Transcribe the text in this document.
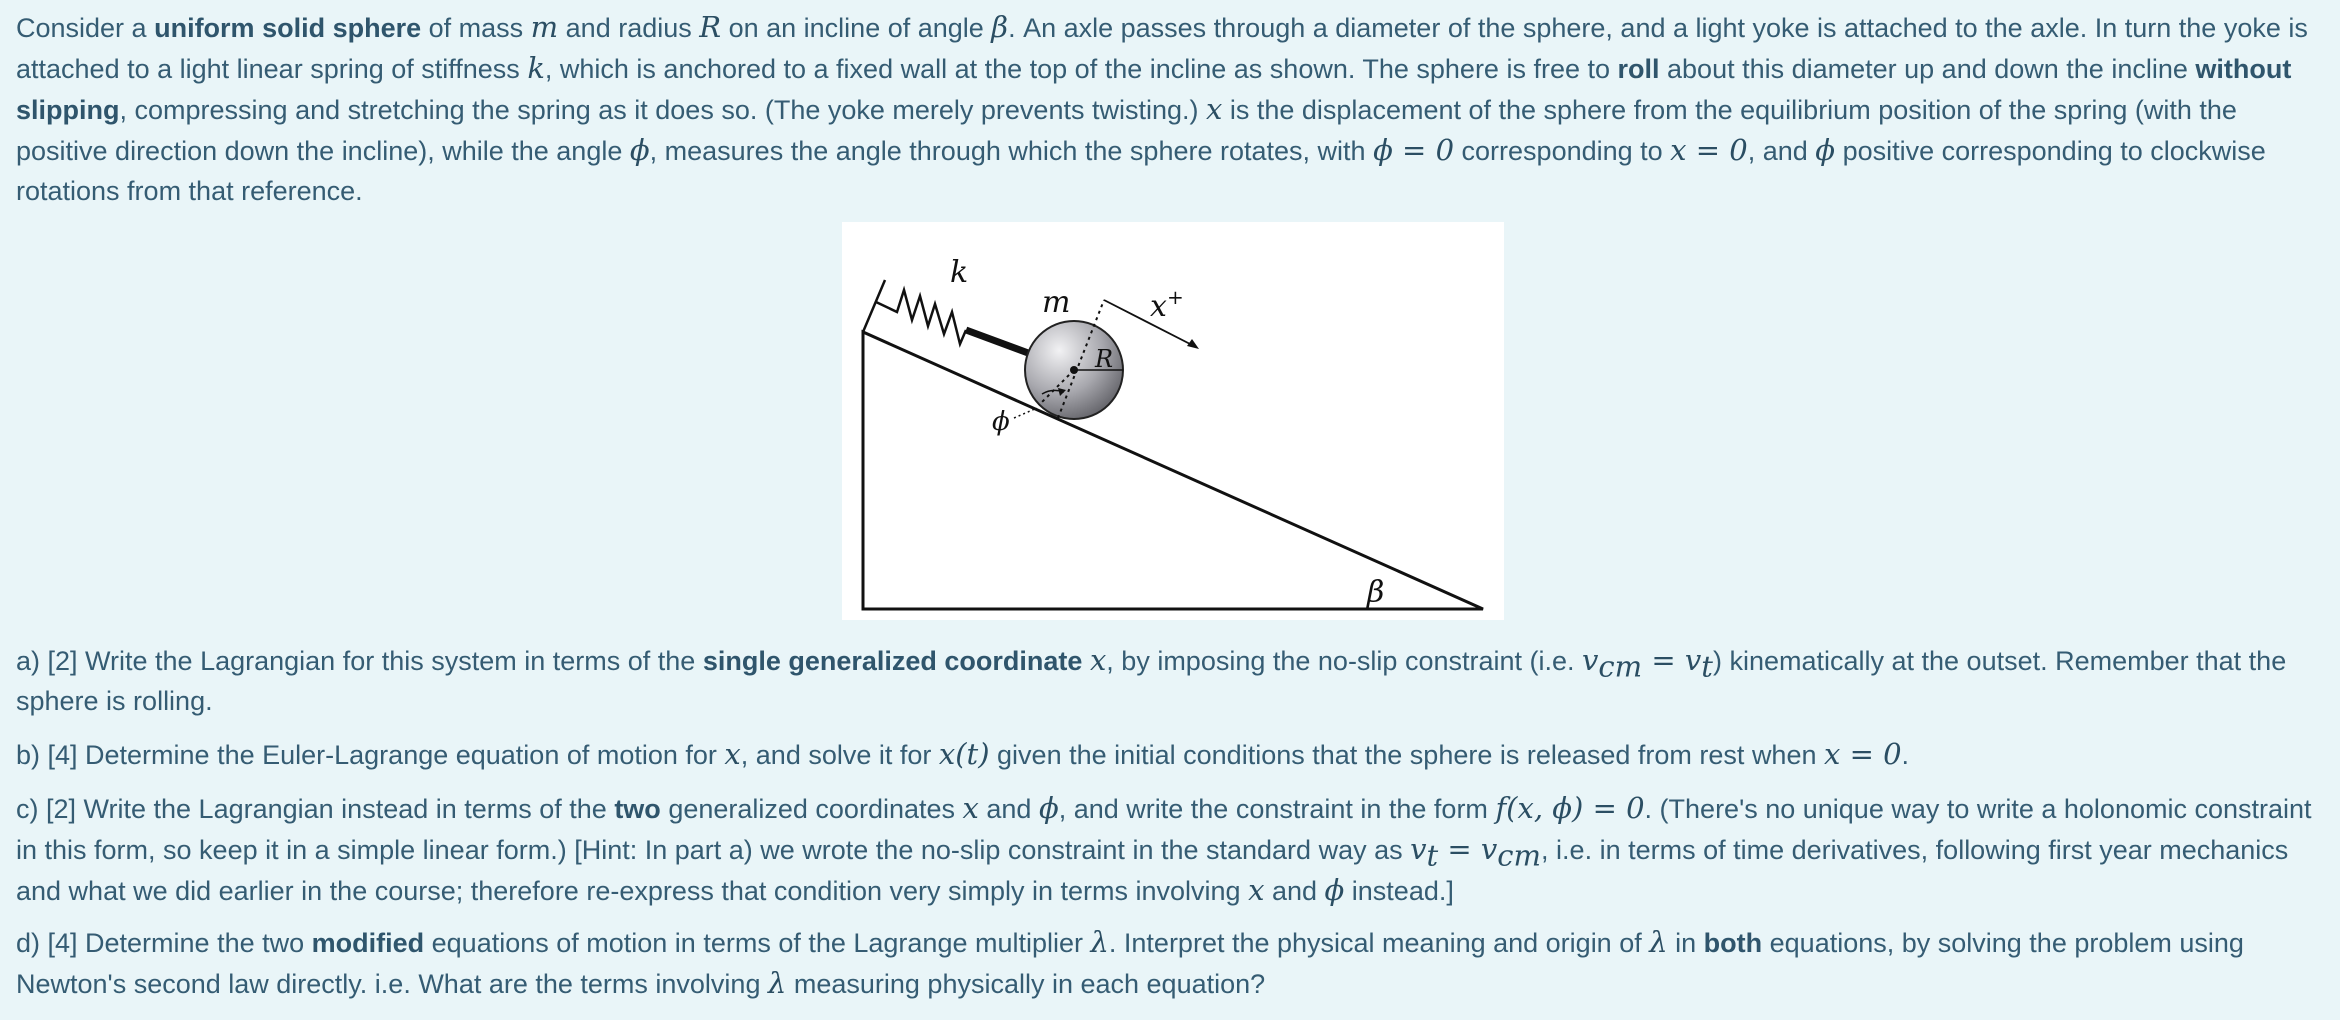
Consider a uniform solid sphere of mass m and radius R on an incline of angle β. An axle passes through a diameter of the sphere, and a light yoke is attached to the axle. In turn the yoke is attached to a light linear spring of stiffness k, which is anchored to a fixed wall at the top of the incline as shown. The sphere is free to roll about this diameter up and down the incline without slipping, compressing and stretching the spring as it does so. (The yoke merely prevents twisting.) x is the displacement of the sphere from the equilibrium position of the spring (with the positive direction down the incline), while the angle ϕ, measures the angle through which the sphere rotates, with ϕ = 0 corresponding to x = 0, and ϕ positive corresponding to clockwise rotations from that reference.

k
m	x +
R
ϕ
β

a) [2] Write the Lagrangian for this system in terms of the single generalized coordinate x, by imposing the no-slip constraint (i.e. $v_{cm} = v_t$) kinematically at the outset. Remember that the sphere is rolling.

b) [4] Determine the Euler-Lagrange equation of motion for x, and solve it for x(t) given the initial conditions that the sphere is released from rest when x = 0.

c) [2] Write the Lagrangian instead in terms of the two generalized coordinates x and ϕ, and write the constraint in the form f(x, ϕ) = 0. (There's no unique way to write a holonomic constraint in this form, so keep it in a simple linear form.) [Hint: In part a) we wrote the no-slip constraint in the standard way as $v_t = v_{cm}$, i.e. in terms of time derivatives, following first year mechanics and what we did earlier in the course; therefore re-express that condition very simply in terms involving x and ϕ instead.]

d) [4] Determine the two modified equations of motion in terms of the Lagrange multiplier λ. Interpret the physical meaning and origin of λ in both equations, by solving the problem using Newton's second law directly. i.e. What are the terms involving λ measuring physically in each equation?
